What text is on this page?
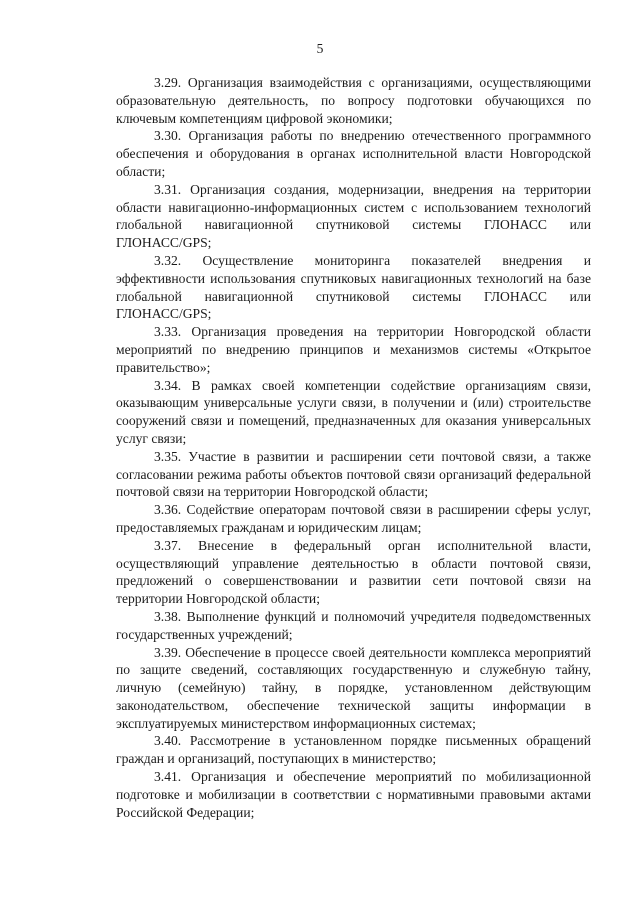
5

3.29. Организация взаимодействия с организациями, осуществляющими образовательную деятельность, по вопросу подготовки обучающихся по ключевым компетенциям цифровой экономики;

3.30. Организация работы по внедрению отечественного программного обеспечения и оборудования в органах исполнительной власти Новгородской области;

3.31. Организация создания, модернизации, внедрения на территории области навигационно-информационных систем с использованием технологий глобальной навигационной спутниковой системы ГЛОНАСС или ГЛОНАСС/GPS;

3.32. Осуществление мониторинга показателей внедрения и эффективности использования спутниковых навигационных технологий на базе глобальной навигационной спутниковой системы ГЛОНАСС или ГЛОНАСС/GPS;

3.33. Организация проведения на территории Новгородской области мероприятий по внедрению принципов и механизмов системы «Открытое правительство»;

3.34. В рамках своей компетенции содействие организациям связи, оказывающим универсальные услуги связи, в получении и (или) строительстве сооружений связи и помещений, предназначенных для оказания универсальных услуг связи;

3.35. Участие в развитии и расширении сети почтовой связи, а также согласовании режима работы объектов почтовой связи организаций федеральной почтовой связи на территории Новгородской области;

3.36. Содействие операторам почтовой связи в расширении сферы услуг, предоставляемых гражданам и юридическим лицам;

3.37. Внесение в федеральный орган исполнительной власти, осуществляющий управление деятельностью в области почтовой связи, предложений о совершенствовании и развитии сети почтовой связи на территории Новгородской области;

3.38. Выполнение функций и полномочий учредителя подведомственных государственных учреждений;

3.39. Обеспечение в процессе своей деятельности комплекса мероприятий по защите сведений, составляющих государственную и служебную тайну, личную (семейную) тайну, в порядке, установленном действующим законодательством, обеспечение технической защиты информации в эксплуатируемых министерством информационных системах;

3.40. Рассмотрение в установленном порядке письменных обращений граждан и организаций, поступающих в министерство;

3.41. Организация и обеспечение мероприятий по мобилизационной подготовке и мобилизации в соответствии с нормативными правовыми актами Российской Федерации;
